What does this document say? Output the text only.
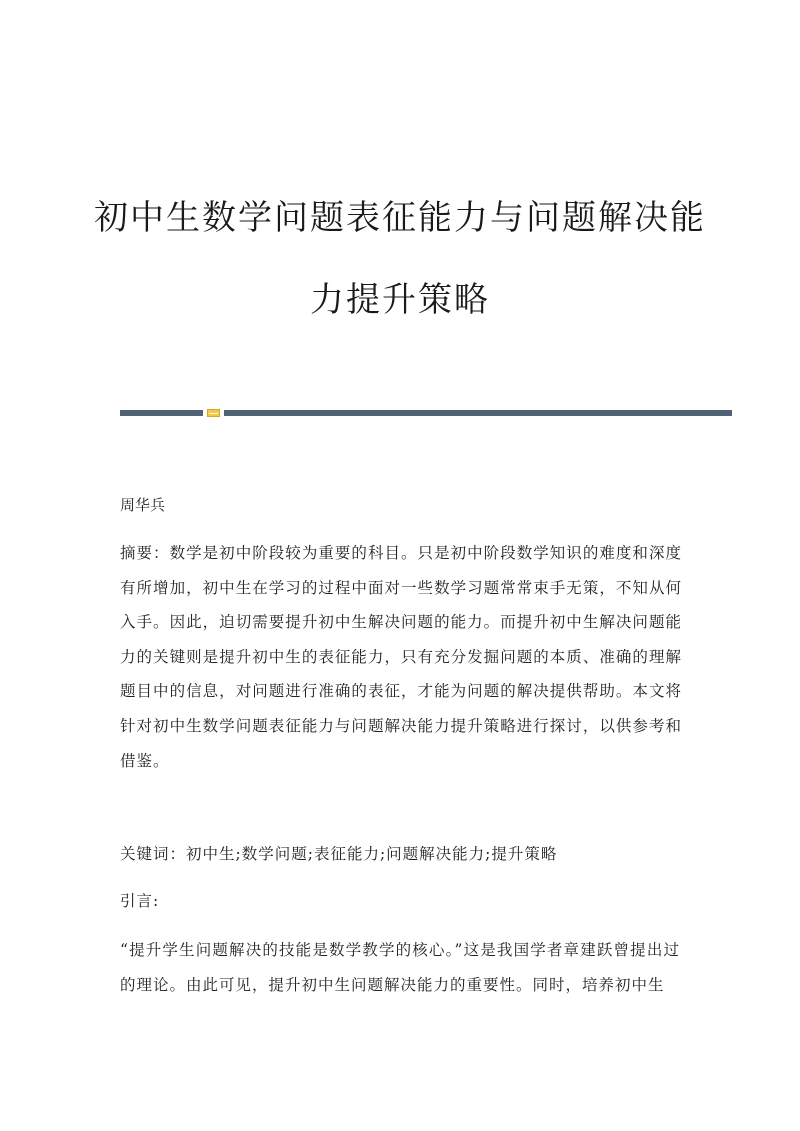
初中生数学问题表征能力与问题解决能
力提升策略

周华兵

摘要：数学是初中阶段较为重要的科目。只是初中阶段数学知识的难度和深度有所增加，初中生在学习的过程中面对一些数学习题常常束手无策，不知从何入手。因此，迫切需要提升初中生解决问题的能力。而提升初中生解决问题能力的关键则是提升初中生的表征能力，只有充分发掘问题的本质、准确的理解题目中的信息，对问题进行准确的表征，才能为问题的解决提供帮助。本文将针对初中生数学问题表征能力与问题解决能力提升策略进行探讨，以供参考和借鉴。

关键词：初中生;数学问题;表征能力;问题解决能力;提升策略

引言:

“提升学生问题解决的技能是数学教学的核心。”这是我国学者章建跃曾提出过的理论。由此可见，提升初中生问题解决能力的重要性。同时，培养初中生
